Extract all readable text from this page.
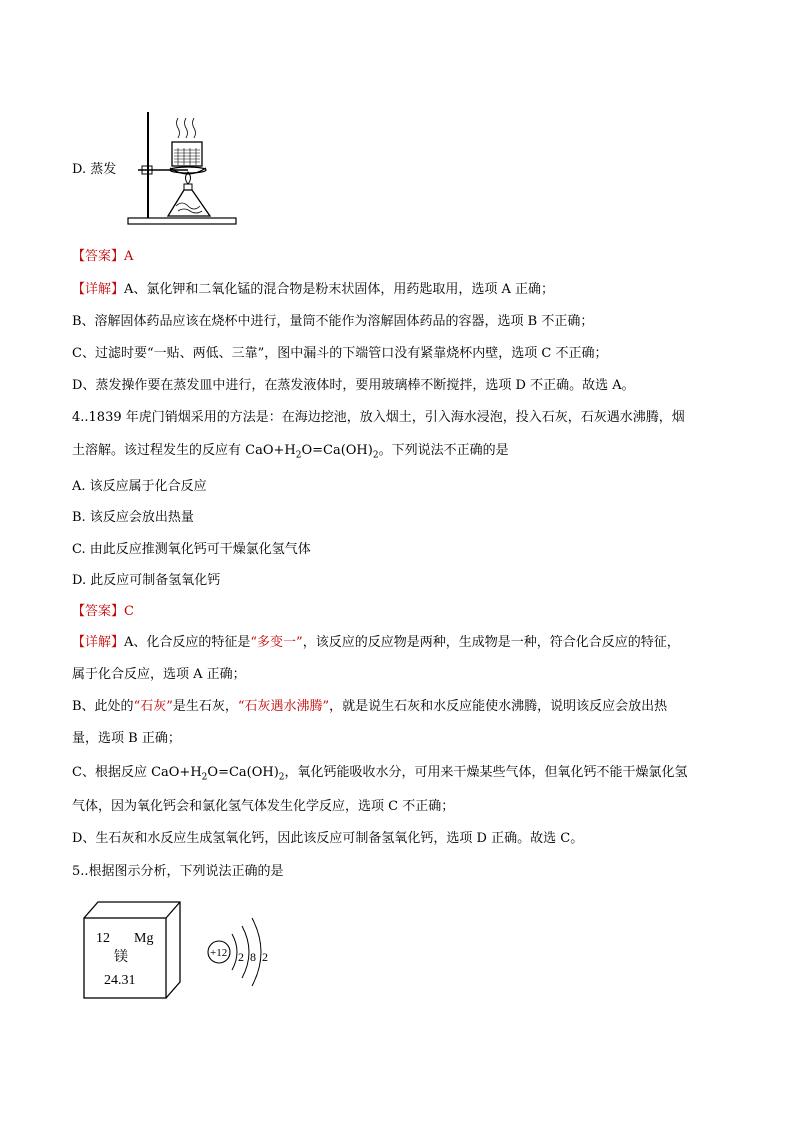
D. 蒸发
【答案】A
【详解】A、氯化钾和二氧化锰的混合物是粉末状固体，用药匙取用，选项 A 正确；
B、溶解固体药品应该在烧杯中进行，量筒不能作为溶解固体药品的容器，选项 B 不正确；
C、过滤时要“一贴、两低、三靠”，图中漏斗的下端管口没有紧靠烧杯内壁，选项 C 不正确；
D、蒸发操作要在蒸发皿中进行，在蒸发液体时，要用玻璃棒不断搅拌，选项 D 不正确。故选 A。
4..1839 年虎门销烟采用的方法是：在海边挖池，放入烟土，引入海水浸泡，投入石灰，石灰遇水沸腾，烟
土溶解。该过程发生的反应有 $CaO+H_2O=Ca(OH)_2$。下列说法不正确的是
A. 该反应属于化合反应
B. 该反应会放出热量
C. 由此反应推测氧化钙可干燥氯化氢气体
D. 此反应可制备氢氧化钙
【答案】C
【详解】A、化合反应的特征是“多变一”，该反应的反应物是两种，生成物是一种，符合化合反应的特征，
属于化合反应，选项 A 正确；
B、此处的“石灰”是生石灰，“石灰遇水沸腾”，就是说生石灰和水反应能使水沸腾，说明该反应会放出热
量，选项 B 正确；
C、根据反应 $CaO+H_2O=Ca(OH)_2$，氧化钙能吸收水分，可用来干燥某些气体，但氧化钙不能干燥氯化氢
气体，因为氧化钙会和氯化氢气体发生化学反应，选项 C 不正确；
D、生石灰和水反应生成氢氧化钙，因此该反应可制备氢氧化钙，选项 D 正确。故选 C。
5..根据图示分析，下列说法正确的是
12 Mg
镁
24.31
+12 2 8 2
